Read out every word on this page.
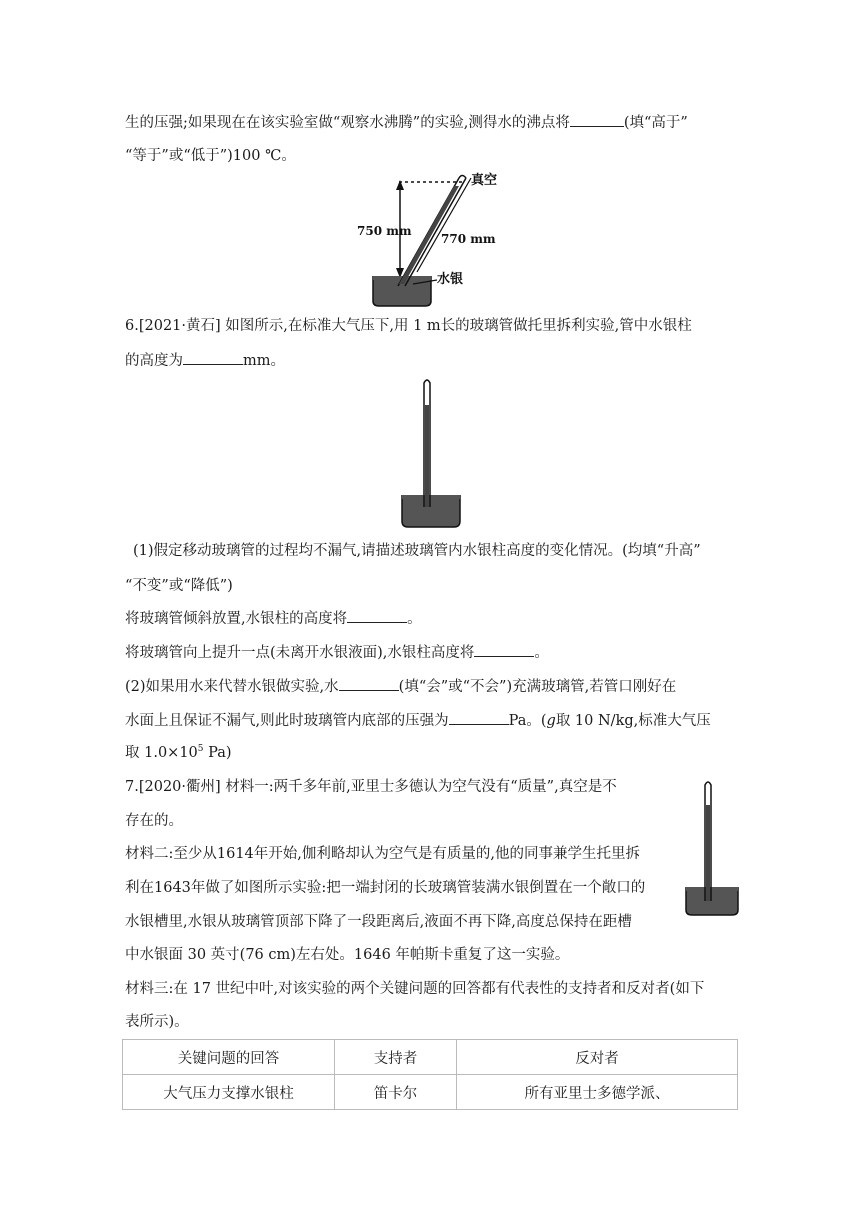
生的压强;如果现在在该实验室做“观察水沸腾”的实验,测得水的沸点将	(填“高于”
“等于”或“低于”)100 ℃。
真空
750 mm
770 mm
水银
6.[2021·黄石] 如图所示,在标准大气压下,用 1 m长的玻璃管做托里拆利实验,管中水银柱
的高度为	mm。
(1)假定移动玻璃管的过程均不漏气,请描述玻璃管内水银柱高度的变化情况。(均填“升高”
“不变”或“降低”)
将玻璃管倾斜放置,水银柱的高度将	。
将玻璃管向上提升一点(未离开水银液面),水银柱高度将	。
(2)如果用水来代替水银做实验,水	(填“会”或“不会”)充满玻璃管,若管口刚好在
水面上且保证不漏气,则此时玻璃管内底部的压强为	Pa。(g取 10 N/kg,标准大气压
取 $1.0\times 10^5$ Pa)
7.[2020·衢州] 材料一:两千多年前,亚里士多德认为空气没有“质量”,真空是不
存在的。
材料二:至少从1614年开始,伽利略却认为空气是有质量的,他的同事兼学生托里拆
利在1643年做了如图所示实验:把一端封闭的长玻璃管装满水银倒置在一个敞口的
水银槽里,水银从玻璃管顶部下降了一段距离后,液面不再下降,高度总保持在距槽
中水银面 30 英寸(76 cm)左右处。1646 年帕斯卡重复了这一实验。
材料三:在 17 世纪中叶,对该实验的两个关键问题的回答都有代表性的支持者和反对者(如下
表所示)。
关键问题的回答	支持者	反对者
大气压力支撑水银柱	笛卡尔	所有亚里士多德学派、
